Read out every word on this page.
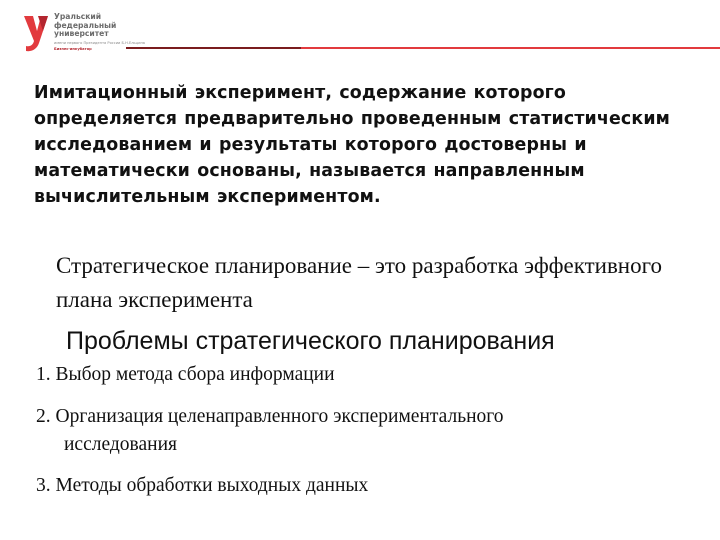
Уральский
федеральный
университет
имени первого Президента России Б.Н.Ельцина
Бизнес-инкубатор
Имитационный эксперимент, содержание которого определяется предварительно проведенным статистическим исследованием и результаты которого достоверны и математически основаны, называется направленным вычислительным экспериментом.
Стратегическое планирование – это разработка эффективного плана эксперимента
Проблемы стратегического планирования
1. Выбор метода сбора информации
2. Организация целенаправленного экспериментального
исследования
3. Методы обработки выходных данных
